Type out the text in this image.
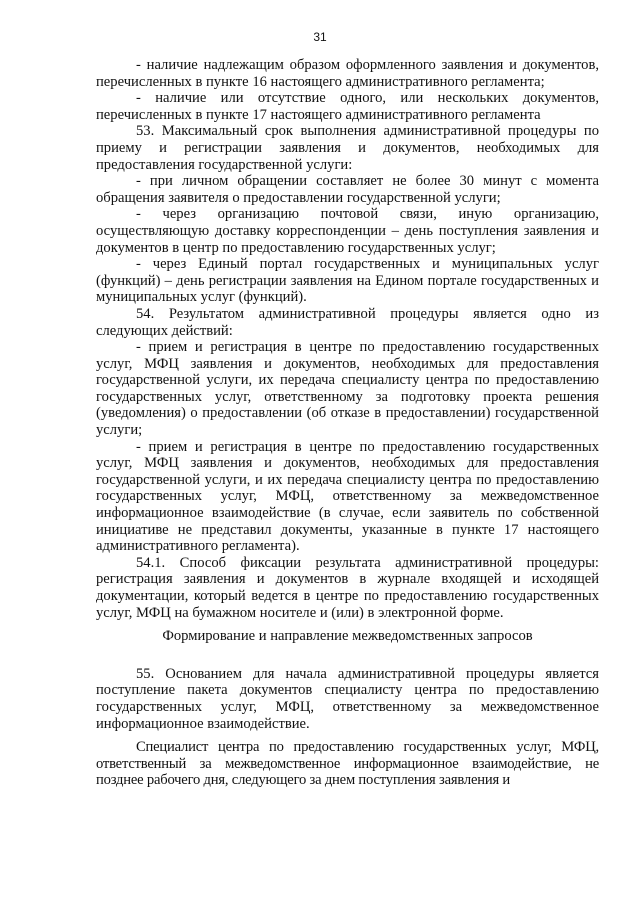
31

- наличие надлежащим образом оформленного заявления и документов, перечисленных в пункте 16 настоящего административного регламента;

- наличие или отсутствие одного, или нескольких документов, перечисленных в пункте 17 настоящего административного регламента

53. Максимальный срок выполнения административной процедуры по приему и регистрации заявления и документов, необходимых для предоставления государственной услуги:

- при личном обращении составляет не более 30 минут с момента обращения заявителя о предоставлении государственной услуги;

- через организацию почтовой связи, иную организацию, осуществляющую доставку корреспонденции – день поступления заявления и документов в центр по предоставлению государственных услуг;

- через Единый портал государственных и муниципальных услуг (функций) – день регистрации заявления на Едином портале государственных и муниципальных услуг (функций).

54. Результатом административной процедуры является одно из следующих действий:

- прием и регистрация в центре по предоставлению государственных услуг, МФЦ заявления и документов, необходимых для предоставления государственной услуги, их передача специалисту центра по предоставлению государственных услуг, ответственному за подготовку проекта решения (уведомления) о предоставлении (об отказе в предоставлении) государственной услуги;

- прием и регистрация в центре по предоставлению государственных услуг, МФЦ заявления и документов, необходимых для предоставления государственной услуги, и их передача специалисту центра по предоставлению государственных услуг, МФЦ, ответственному за межведомственное информационное взаимодействие (в случае, если заявитель по собственной инициативе не представил документы, указанные в пункте 17 настоящего административного регламента).

54.1. Способ фиксации результата административной процедуры: регистрация заявления и документов в журнале входящей и исходящей документации, который ведется в центре по предоставлению государственных услуг, МФЦ на бумажном носителе и (или) в электронной форме.

Формирование и направление межведомственных запросов

55. Основанием для начала административной процедуры является поступление пакета документов специалисту центра по предоставлению государственных услуг, МФЦ, ответственному за межведомственное информационное взаимодействие.

Специалист центра по предоставлению государственных услуг, МФЦ, ответственный за межведомственное информационное взаимодействие, не позднее рабочего дня, следующего за днем поступления заявления и
